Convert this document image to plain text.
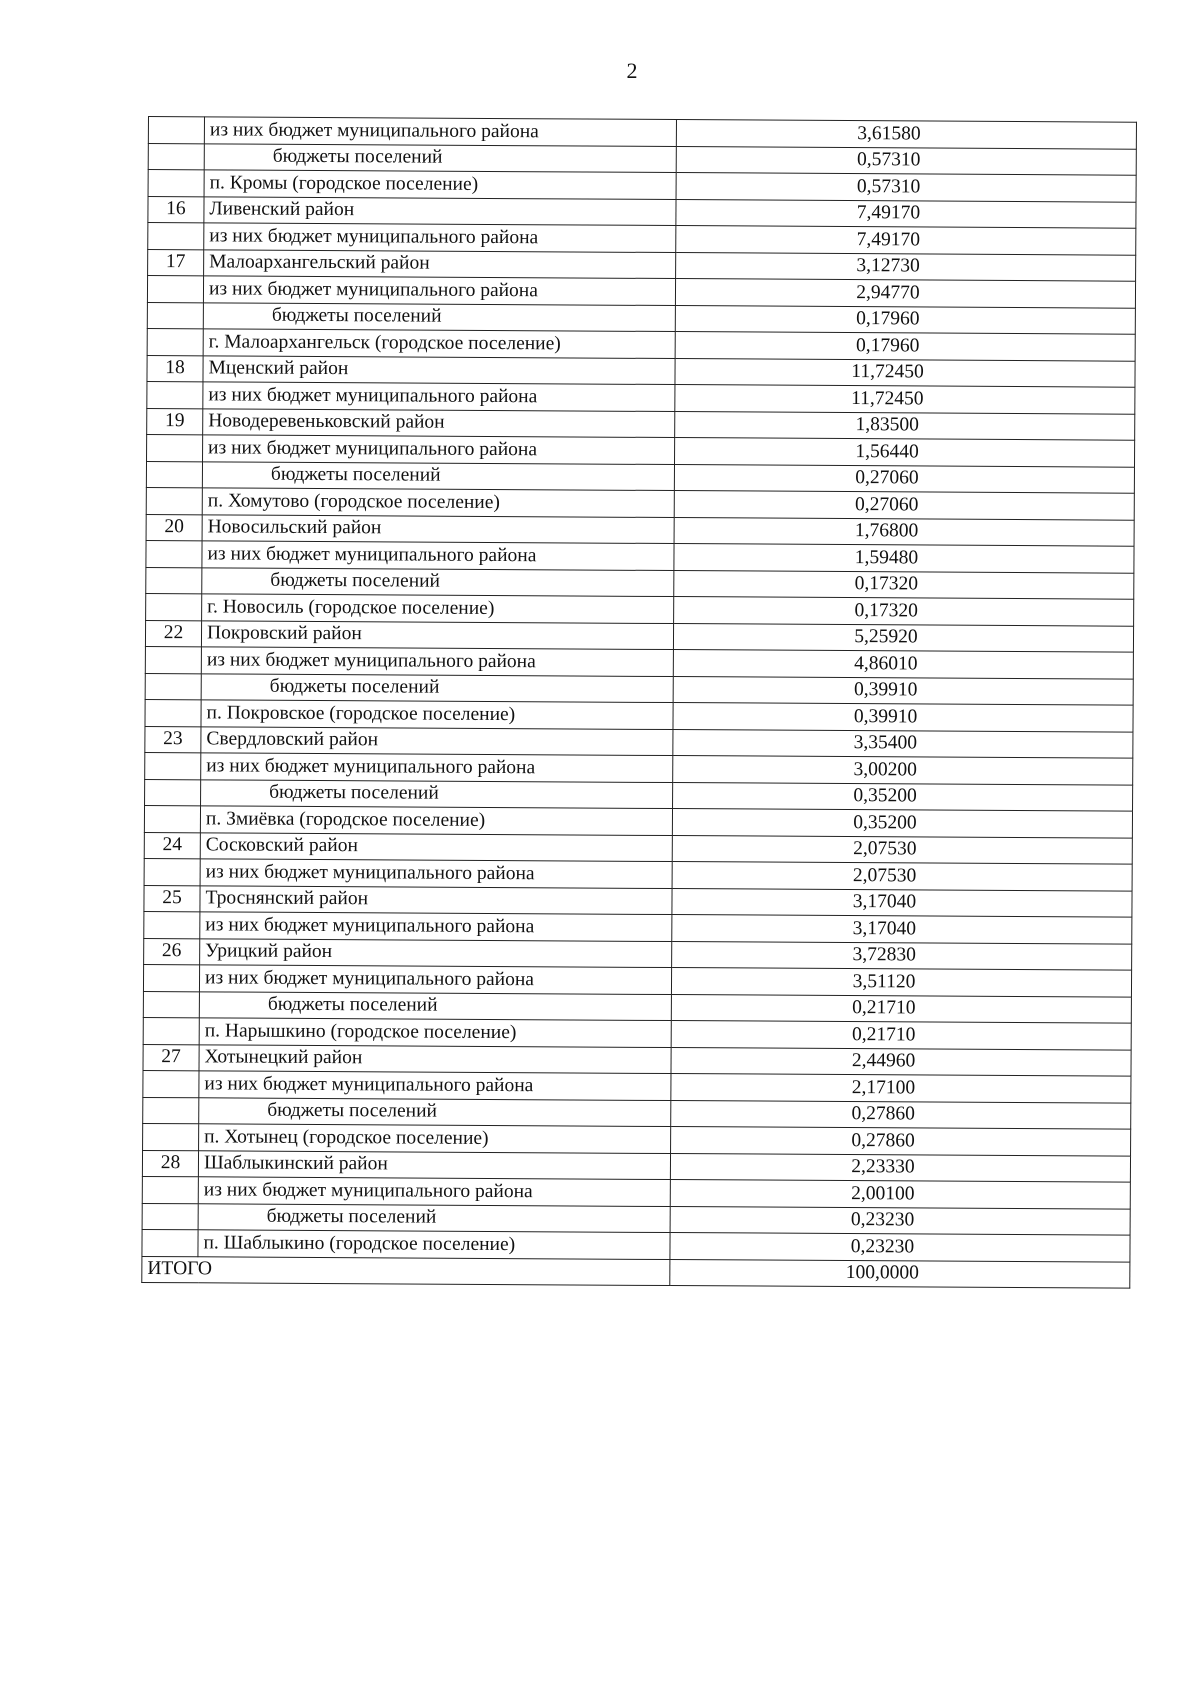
2
	из них бюджет муниципального района	3,61580
	бюджеты поселений	0,57310
	п. Кромы (городское поселение)	0,57310
16	Ливенский район	7,49170
	из них бюджет муниципального района	7,49170
17	Малоархангельский район	3,12730
	из них бюджет муниципального района	2,94770
	бюджеты поселений	0,17960
	г. Малоархангельск (городское поселение)	0,17960
18	Мценский район	11,72450
	из них бюджет муниципального района	11,72450
19	Новодеревеньковский район	1,83500
	из них бюджет муниципального района	1,56440
	бюджеты поселений	0,27060
	п. Хомутово (городское поселение)	0,27060
20	Новосильский район	1,76800
	из них бюджет муниципального района	1,59480
	бюджеты поселений	0,17320
	г. Новосиль (городское поселение)	0,17320
22	Покровский район	5,25920
	из них бюджет муниципального района	4,86010
	бюджеты поселений	0,39910
	п. Покровское (городское поселение)	0,39910
23	Свердловский район	3,35400
	из них бюджет муниципального района	3,00200
	бюджеты поселений	0,35200
	п. Змиёвка (городское поселение)	0,35200
24	Сосковский район	2,07530
	из них бюджет муниципального района	2,07530
25	Троснянский район	3,17040
	из них бюджет муниципального района	3,17040
26	Урицкий район	3,72830
	из них бюджет муниципального района	3,51120
	бюджеты поселений	0,21710
	п. Нарышкино (городское поселение)	0,21710
27	Хотынецкий район	2,44960
	из них бюджет муниципального района	2,17100
	бюджеты поселений	0,27860
	п. Хотынец (городское поселение)	0,27860
28	Шаблыкинский район	2,23330
	из них бюджет муниципального района	2,00100
	бюджеты поселений	0,23230
	п. Шаблыкино (городское поселение)	0,23230
ИТОГО		100,0000
